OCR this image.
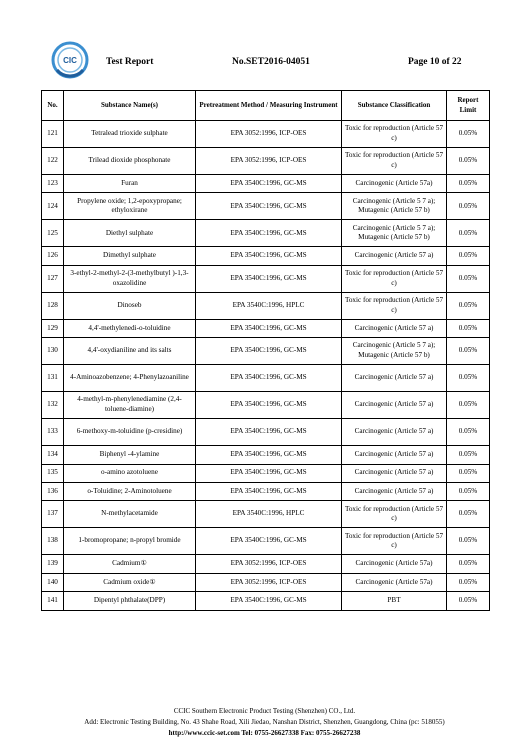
CIC	Test Report	No.SET2016-04051	Page 10 of 22
No.	Substance Name(s)	Pretreatment Method / Measuring Instrument	Substance Classification	Report Limit
121	Tetralead trioxide sulphate	EPA 3052:1996, ICP-OES	Toxic for reproduction (Article 57 c)	0.05%
122	Trilead dioxide phosphonate	EPA 3052:1996, ICP-OES	Toxic for reproduction (Article 57 c)	0.05%
123	Furan	EPA 3540C:1996, GC-MS	Carcinogenic (Article 57a)	0.05%
124	Propylene oxide; 1,2-epoxypropane; ethyloxirane	EPA 3540C:1996, GC-MS	Carcinogenic (Article 5 7 a); Mutagenic (Article 57 b)	0.05%
125	Diethyl sulphate	EPA 3540C:1996, GC-MS	Carcinogenic (Article 5 7 a); Mutagenic (Article 57 b)	0.05%
126	Dimethyl sulphate	EPA 3540C:1996, GC-MS	Carcinogenic (Article 57 a)	0.05%
127	3-ethyl-2-methyl-2-(3-methylbutyl )-1,3-oxazolidine	EPA 3540C:1996, GC-MS	Toxic for reproduction (Article 57 c)	0.05%
128	Dinoseb	EPA 3540C:1996, HPLC	Toxic for reproduction (Article 57 c)	0.05%
129	4,4'-methylenedi-o-toluidine	EPA 3540C:1996, GC-MS	Carcinogenic (Article 57 a)	0.05%
130	4,4'-oxydianiline and its salts	EPA 3540C:1996, GC-MS	Carcinogenic (Article 5 7 a); Mutagenic (Article 57 b)	0.05%
131	4-Aminoazobenzene; 4-Phenylazoaniline	EPA 3540C:1996, GC-MS	Carcinogenic (Article 57 a)	0.05%
132	4-methyl-m-phenylenediamine (2,4-toluene-diamine)	EPA 3540C:1996, GC-MS	Carcinogenic (Article 57 a)	0.05%
133	6-methoxy-m-toluidine (p-cresidine)	EPA 3540C:1996, GC-MS	Carcinogenic (Article 57 a)	0.05%
134	Biphenyl -4-ylamine	EPA 3540C:1996, GC-MS	Carcinogenic (Article 57 a)	0.05%
135	o-amino azotoluene	EPA 3540C:1996, GC-MS	Carcinogenic (Article 57 a)	0.05%
136	o-Toluidine; 2-Aminotoluene	EPA 3540C:1996, GC-MS	Carcinogenic (Article 57 a)	0.05%
137	N-methylacetamide	EPA 3540C:1996, HPLC	Toxic for reproduction (Article 57 c)	0.05%
138	1-bromopropane; n-propyl bromide	EPA 3540C:1996, GC-MS	Toxic for reproduction (Article 57 c)	0.05%
139	Cadmium①	EPA 3052:1996, ICP-OES	Carcinogenic (Article 57a)	0.05%
140	Cadmium oxide①	EPA 3052:1996, ICP-OES	Carcinogenic (Article 57a)	0.05%
141	Dipentyl phthalate(DPP)	EPA 3540C:1996, GC-MS	PBT	0.05%
CCIC Southern Electronic Product Testing (Shenzhen) CO., Ltd.
Add: Electronic Testing Building, No. 43 Shahe Road, Xili Jiedao, Nanshan District, Shenzhen, Guangdong, China (pc: 518055)
http://www.ccic-set.com Tel: 0755-26627338 Fax: 0755-26627238
